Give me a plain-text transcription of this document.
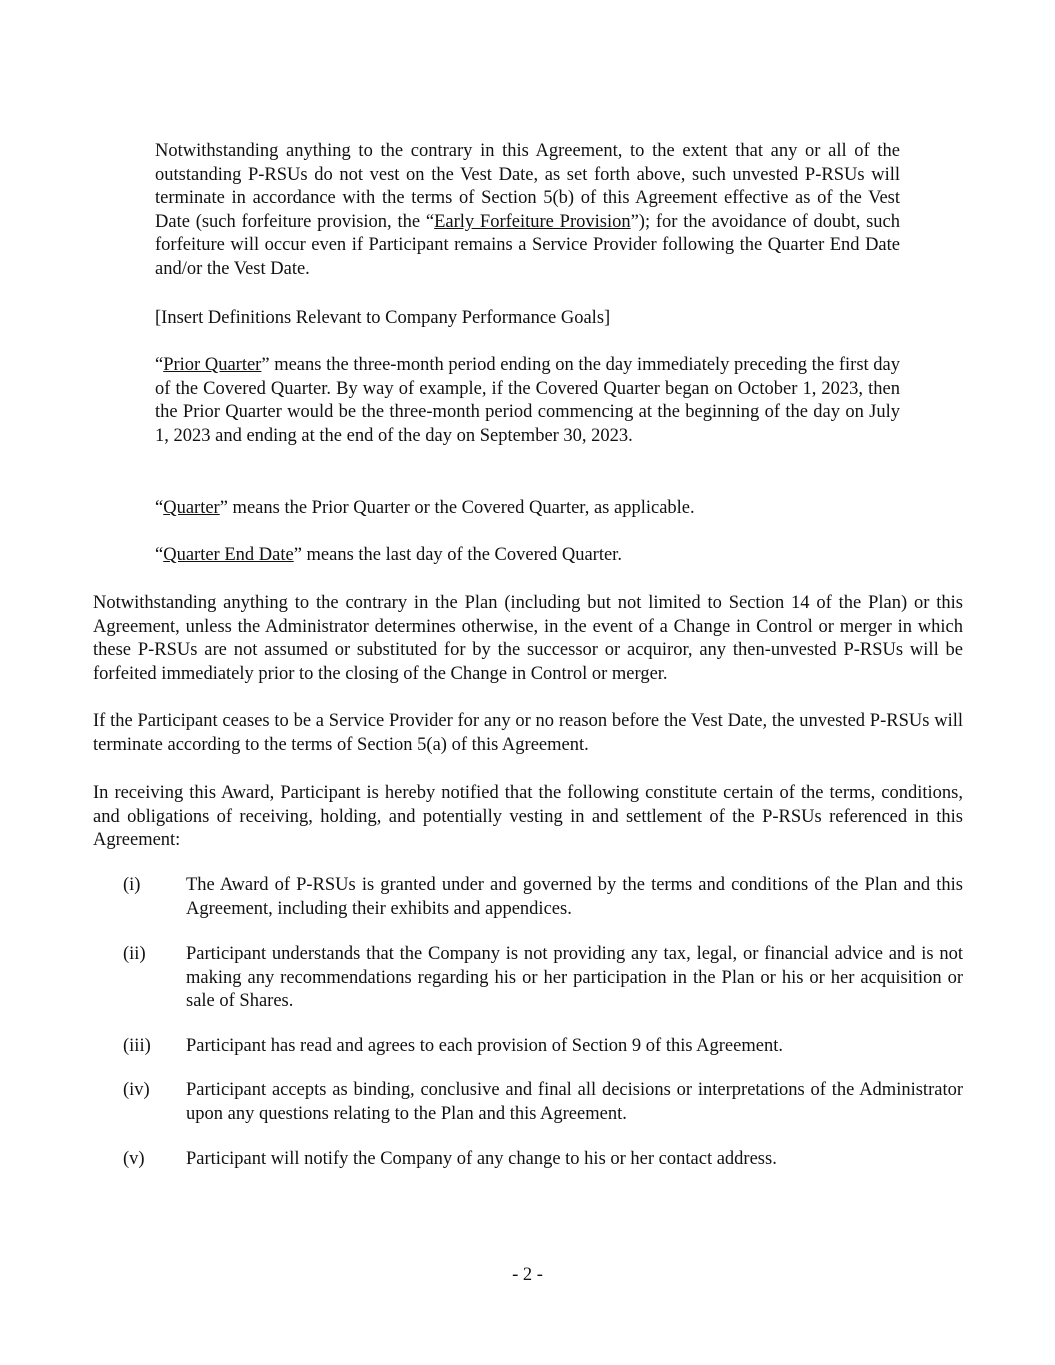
Notwithstanding anything to the contrary in this Agreement, to the extent that any or all of the outstanding P-RSUs do not vest on the Vest Date, as set forth above, such unvested P-RSUs will terminate in accordance with the terms of Section 5(b) of this Agreement effective as of the Vest Date (such forfeiture provision, the “Early Forfeiture Provision”); for the avoidance of doubt, such forfeiture will occur even if Participant remains a Service Provider following the Quarter End Date and/or the Vest Date.

[Insert Definitions Relevant to Company Performance Goals]

“Prior Quarter” means the three-month period ending on the day immediately preceding the first day of the Covered Quarter. By way of example, if the Covered Quarter began on October 1, 2023, then the Prior Quarter would be the three-month period commencing at the beginning of the day on July 1, 2023 and ending at the end of the day on September 30, 2023.

“Quarter” means the Prior Quarter or the Covered Quarter, as applicable.

“Quarter End Date” means the last day of the Covered Quarter.

Notwithstanding anything to the contrary in the Plan (including but not limited to Section 14 of the Plan) or this Agreement, unless the Administrator determines otherwise, in the event of a Change in Control or merger in which these P-RSUs are not assumed or substituted for by the successor or acquiror, any then-unvested P-RSUs will be forfeited immediately prior to the closing of the Change in Control or merger.

If the Participant ceases to be a Service Provider for any or no reason before the Vest Date, the unvested P-RSUs will terminate according to the terms of Section 5(a) of this Agreement.

In receiving this Award, Participant is hereby notified that the following constitute certain of the terms, conditions, and obligations of receiving, holding, and potentially vesting in and settlement of the P-RSUs referenced in this Agreement:

(i)	The Award of P-RSUs is granted under and governed by the terms and conditions of the Plan and this Agreement, including their exhibits and appendices.

(ii)	Participant understands that the Company is not providing any tax, legal, or financial advice and is not making any recommendations regarding his or her participation in the Plan or his or her acquisition or sale of Shares.

(iii)	Participant has read and agrees to each provision of Section 9 of this Agreement.

(iv)	Participant accepts as binding, conclusive and final all decisions or interpretations of the Administrator upon any questions relating to the Plan and this Agreement.

(v)	Participant will notify the Company of any change to his or her contact address.

- 2 -
